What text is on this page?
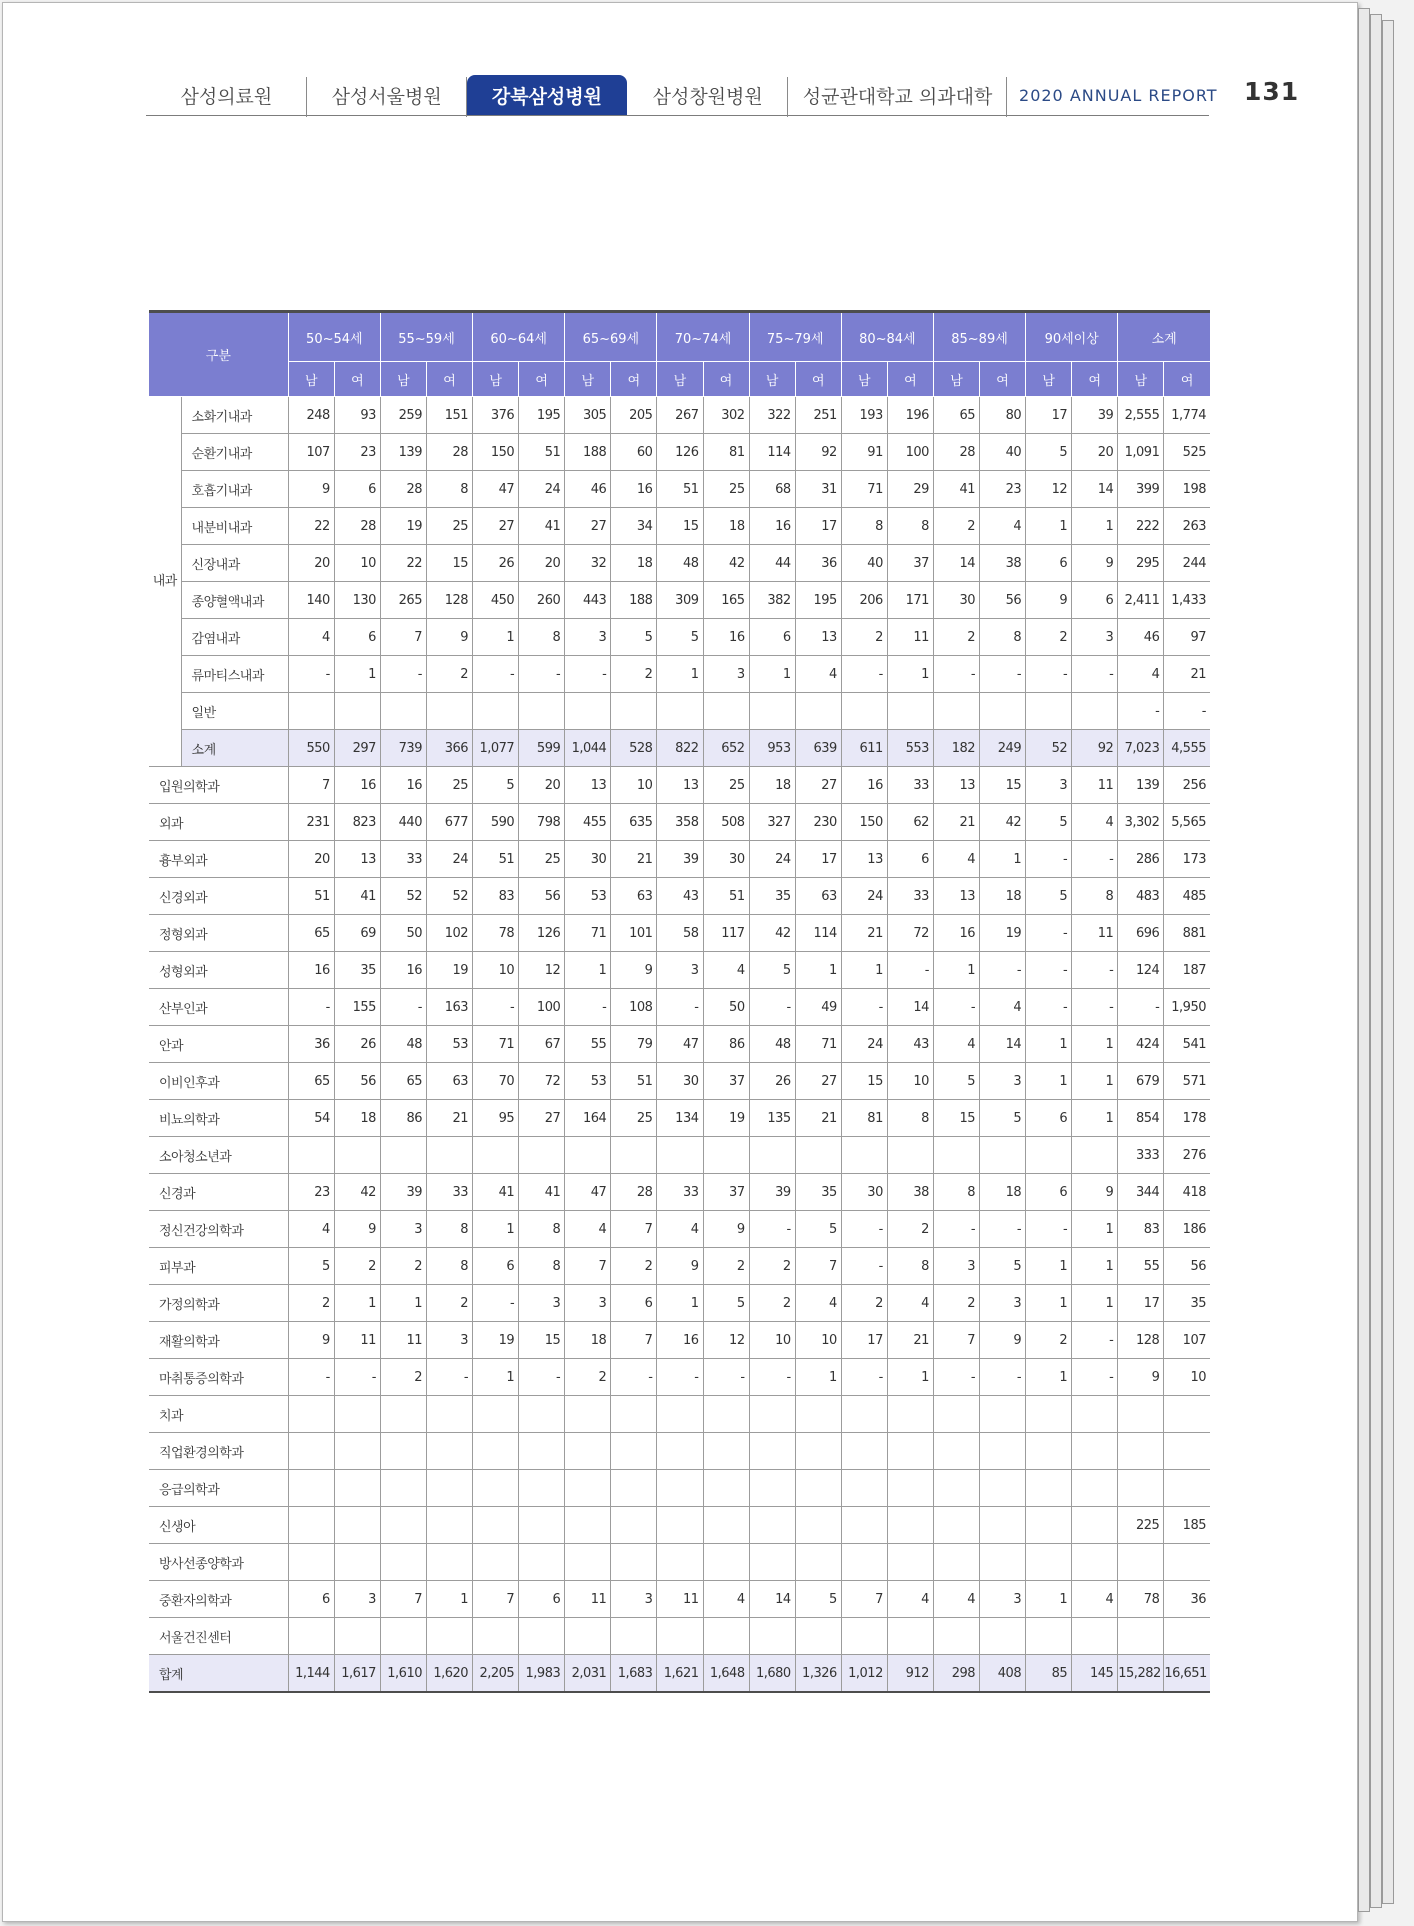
삼성의료원	삼성서울병원	강북삼성병원	삼성창원병원 성균관대학교 의과대학 2020 ANNUAL REPORT 131
구분		50~54세		55~59세		60~64세		65~69세		70~74세		75~79세		80~84세		85~89세		90세이상		소계	
		남	여	남	여	남	여	남	여	남	여	남	여	남	여	남	여	남	여	남	여
내과	소화기내과	248	93	259	151	376	195	305	205	267	302	322	251	193	196	65	80	17	39	2,555	1,774
	순환기내과	107	23	139	28	150	51	188	60	126	81	114	92	91	100	28	40	5	20	1,091	525
	호흡기내과	9	6	28	8	47	24	46	16	51	25	68	31	71	29	41	23	12	14	399	198
	내분비내과	22	28	19	25	27	41	27	34	15	18	16	17	8	8	2	4	1	1	222	263
	신장내과	20	10	22	15	26	20	32	18	48	42	44	36	40	37	14	38	6	9	295	244
	종양혈액내과	140	130	265	128	450	260	443	188	309	165	382	195	206	171	30	56	9	6	2,411	1,433
	감염내과	4	6	7	9	1	8	3	5	5	16	6	13	2	11	2	8	2	3	46	97
	류마티스내과	-	1	-	2	-	-	-	2	1	3	1	4	-	1	-	-	-	-	4	21
	일반																			-	-
	소계	550	297	739	366	1,077	599	1,044	528	822	652	953	639	611	553	182	249	52	92	7,023	4,555
입원의학과		7	16	16	25	5	20	13	10	13	25	18	27	16	33	13	15	3	11	139	256
외과		231	823	440	677	590	798	455	635	358	508	327	230	150	62	21	42	5	4	3,302	5,565
흉부외과		20	13	33	24	51	25	30	21	39	30	24	17	13	6	4	1	-	-	286	173
신경외과		51	41	52	52	83	56	53	63	43	51	35	63	24	33	13	18	5	8	483	485
정형외과		65	69	50	102	78	126	71	101	58	117	42	114	21	72	16	19	-	11	696	881
성형외과		16	35	16	19	10	12	1	9	3	4	5	1	1	-	1	-	-	-	124	187
산부인과		-	155	-	163	-	100	-	108	-	50	-	49	-	14	-	4	-	-	-	1,950
안과		36	26	48	53	71	67	55	79	47	86	48	71	24	43	4	14	1	1	424	541
이비인후과		65	56	65	63	70	72	53	51	30	37	26	27	15	10	5	3	1	1	679	571
비뇨의학과		54	18	86	21	95	27	164	25	134	19	135	21	81	8	15	5	6	1	854	178
소아청소년과																				333	276
신경과		23	42	39	33	41	41	47	28	33	37	39	35	30	38	8	18	6	9	344	418
정신건강의학과		4	9	3	8	1	8	4	7	4	9	-	5	-	2	-	-	-	1	83	186
피부과		5	2	2	8	6	8	7	2	9	2	2	7	-	8	3	5	1	1	55	56
가정의학과		2	1	1	2	-	3	3	6	1	5	2	4	2	4	2	3	1	1	17	35
재활의학과		9	11	11	3	19	15	18	7	16	12	10	10	17	21	7	9	2	-	128	107
마취통증의학과		-	-	2	-	1	-	2	-	-	-	-	1	-	1	-	-	1	-	9	10
치과																					
직업환경의학과																					
응급의학과																					
신생아																				225	185
방사선종양학과																					
중환자의학과		6	3	7	1	7	6	11	3	11	4	14	5	7	4	4	3	1	4	78	36
서울건진센터																					
합계		1,144	1,617	1,610	1,620	2,205	1,983	2,031	1,683	1,621	1,648	1,680	1,326	1,012	912	298	408	85	145	15,282	16,651
